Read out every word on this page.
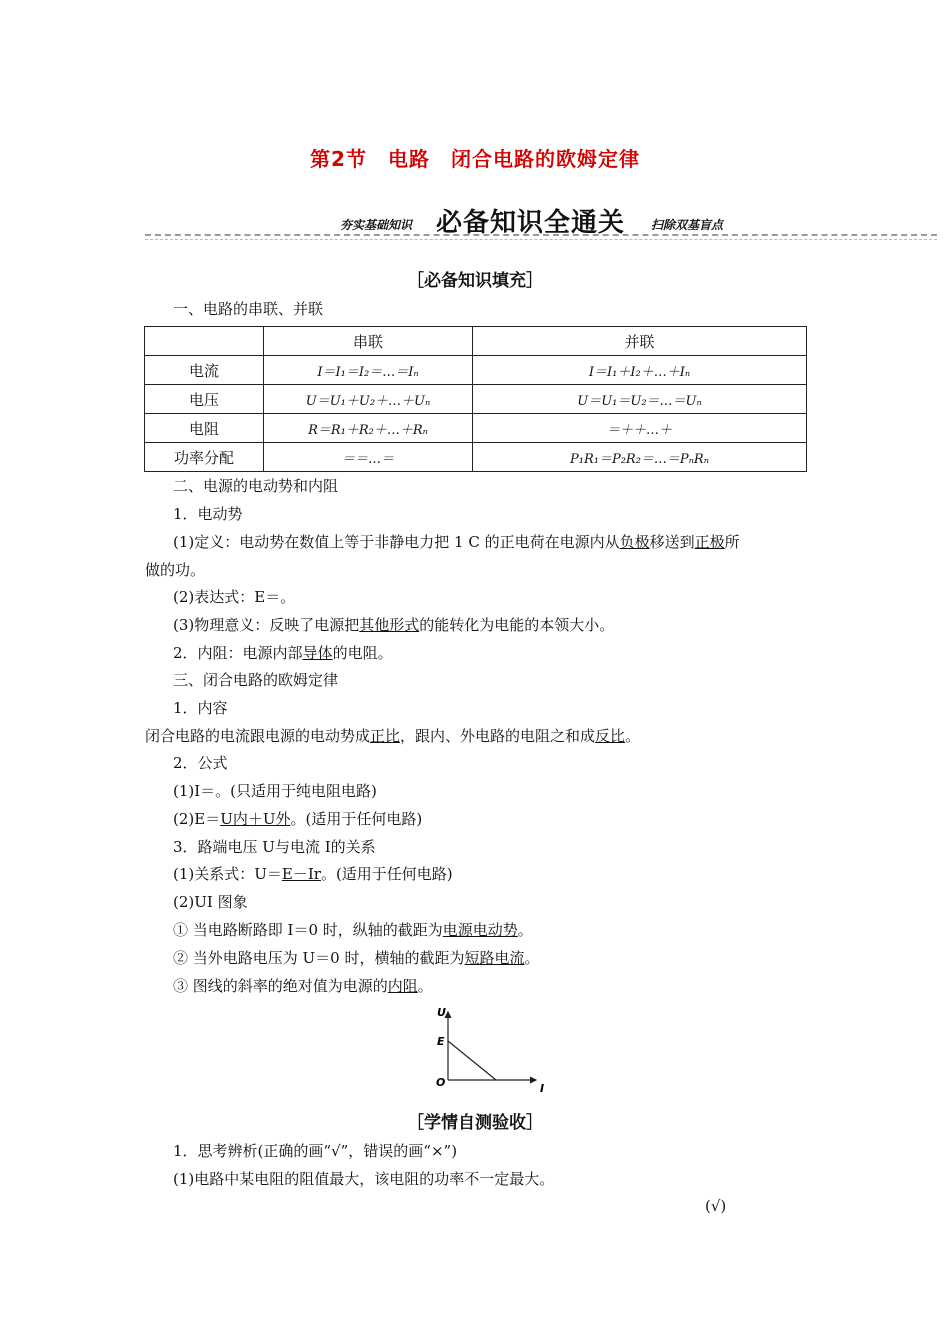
第2节　电路　闭合电路的欧姆定律
夯实基础知识 必备知识全通关 扫除双基盲点
［必备知识填充］
一、电路的串联、并联
	串联	并联
电流	I＝I₁＝I₂＝…＝Iₙ	I＝I₁＋I₂＋…＋Iₙ
电压	U＝U₁＋U₂＋…＋Uₙ	U＝U₁＝U₂＝…＝Uₙ
电阻	R＝R₁＋R₂＋…＋Rₙ	＝＋＋…＋
功率分配	＝＝…＝	P₁R₁＝P₂R₂＝…＝PₙRₙ
二、电源的电动势和内阻
1．电动势
(1)定义：电动势在数值上等于非静电力把 1 C 的正电荷在电源内从负极移送到正极所
做的功。
(2)表达式：E＝。
(3)物理意义：反映了电源把其他形式的能转化为电能的本领大小。
2．内阻：电源内部导体的电阻。
三、闭合电路的欧姆定律
1．内容
闭合电路的电流跟电源的电动势成正比，跟内、外电路的电阻之和成反比。
2．公式
(1)I＝。(只适用于纯电阻电路)
(2)E＝U内＋U外。(适用于任何电路)
3．路端电压 U与电流 I的关系
(1)关系式：U＝E－Ir。(适用于任何电路)
(2)UI 图象
① 当电路断路即 I＝0 时，纵轴的截距为电源电动势。
② 当外电路电压为 U＝0 时，横轴的截距为短路电流。
③ 图线的斜率的绝对值为电源的内阻。
U
E
O	I
［学情自测验收］
1．思考辨析(正确的画“√”，错误的画“×”)
(1)电路中某电阻的阻值最大，该电阻的功率不一定最大。
(√)
